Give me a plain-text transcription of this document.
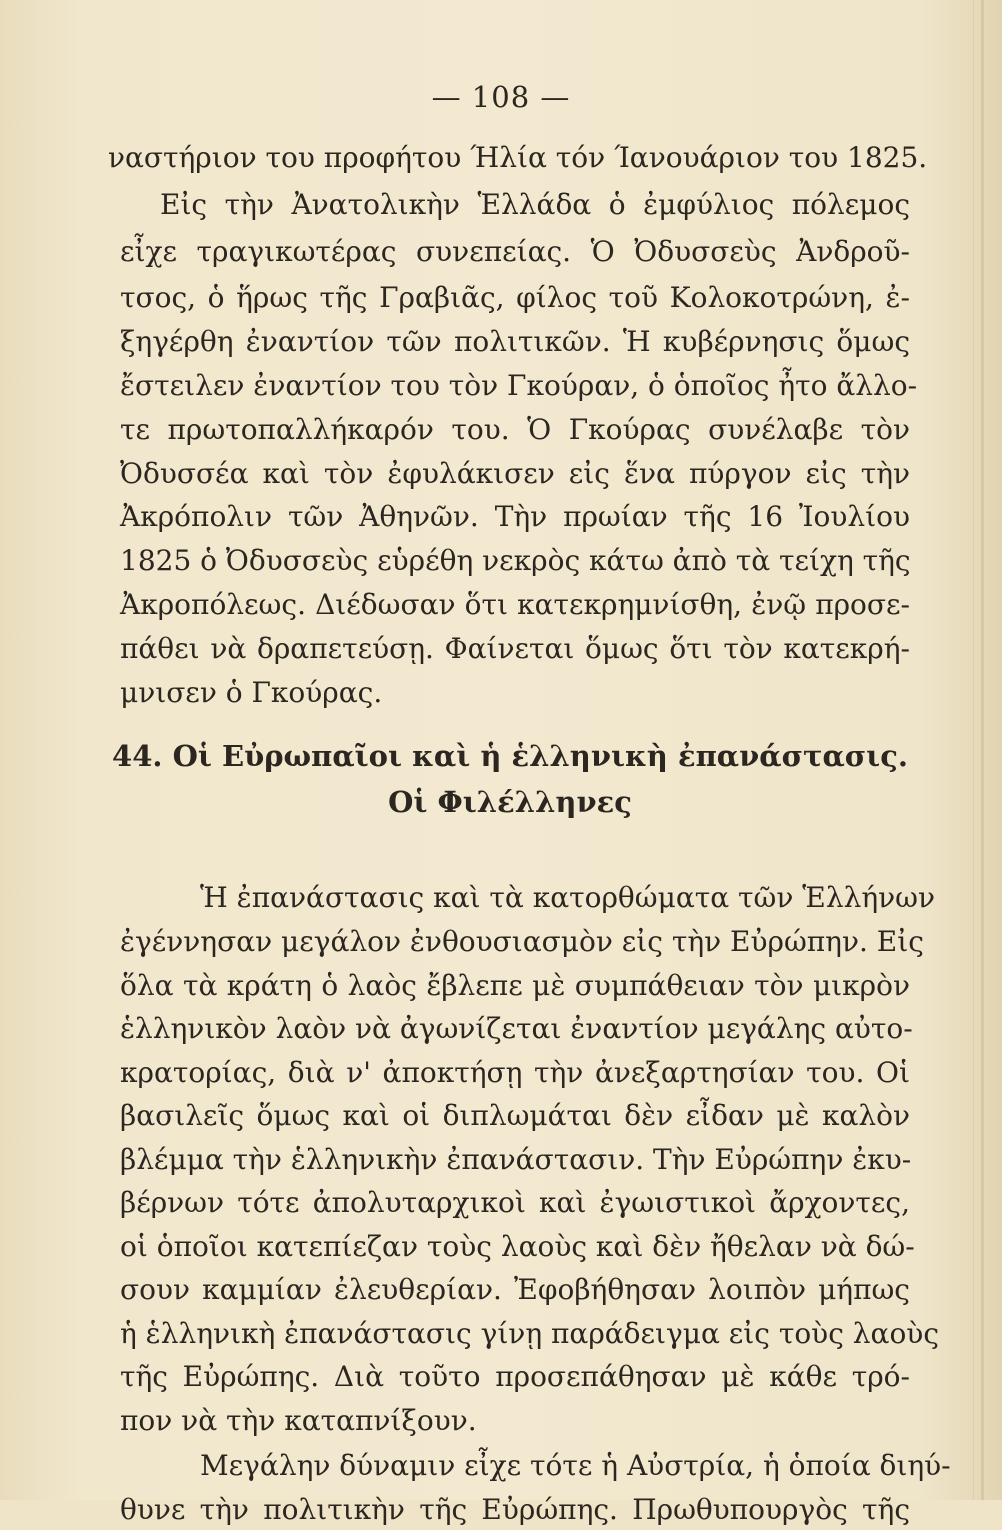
— 108 —
ναστήριον του προφήτου Ήλία τόν Ίανουάριον του 1825.
Εἰς τὴν Ἀνατολικὴν Ἑλλάδα ὁ ἐμφύλιος πόλεμος
εἶχε τραγικωτέρας συνεπείας. Ὁ Ὀδυσσεὺς Ἀνδροῦ-
τσος, ὁ ἥρως τῆς Γραβιᾶς, φίλος τοῦ Κολοκοτρώνη, ἐ-
ξηγέρθη ἐναντίον τῶν πολιτικῶν. Ἡ κυβέρνησις ὅμως
ἔστειλεν ἐναντίον του τὸν Γκούραν, ὁ ὁποῖος ἦτο ἄλλο-
τε πρωτοπαλλήκαρόν του. Ὁ Γκούρας συνέλαβε τὸν
Ὀδυσσέα καὶ τὸν ἐφυλάκισεν εἰς ἕνα πύργον εἰς τὴν
Ἀκρόπολιν τῶν Ἀθηνῶν. Τὴν πρωίαν τῆς 16 Ἰουλίου
1825 ὁ Ὀδυσσεὺς εὑρέθη νεκρὸς κάτω ἀπὸ τὰ τείχη τῆς
Ἀκροπόλεως. Διέδωσαν ὅτι κατεκρημνίσθη, ἐνῷ προσε-
πάθει νὰ δραπετεύσῃ. Φαίνεται ὅμως ὅτι τὸν κατεκρή-
μνισεν ὁ Γκούρας.
44. Οἱ Εὐρωπαῖοι καὶ ἡ ἑλληνικὴ ἐπανάστασις.
Οἱ Φιλέλληνες
Ἡ ἐπανάστασις καὶ τὰ κατορθώματα τῶν Ἑλλήνων
ἐγέννησαν μεγάλον ἐνθουσιασμὸν εἰς τὴν Εὐρώπην. Εἰς
ὅλα τὰ κράτη ὁ λαὸς ἔβλεπε μὲ συμπάθειαν τὸν μικρὸν
ἑλληνικὸν λαὸν νὰ ἀγωνίζεται ἐναντίον μεγάλης αὐτο-
κρατορίας, διὰ ν' ἀποκτήσῃ τὴν ἀνεξαρτησίαν του. Οἱ
βασιλεῖς ὅμως καὶ οἱ διπλωμάται δὲν εἶδαν μὲ καλὸν
βλέμμα τὴν ἑλληνικὴν ἐπανάστασιν. Τὴν Εὐρώπην ἐκυ-
βέρνων τότε ἀπολυταρχικοὶ καὶ ἐγωιστικοὶ ἄρχοντες,
οἱ ὁποῖοι κατεπίεζαν τοὺς λαοὺς καὶ δὲν ἤθελαν νὰ δώ-
σουν καμμίαν ἐλευθερίαν. Ἐφοβήθησαν λοιπὸν μήπως
ἡ ἑλληνικὴ ἐπανάστασις γίνῃ παράδειγμα εἰς τοὺς λαοὺς
τῆς Εὐρώπης. Διὰ τοῦτο προσεπάθησαν μὲ κάθε τρό-
πον νὰ τὴν καταπνίξουν.
Μεγάλην δύναμιν εἶχε τότε ἡ Αὐστρία, ἡ ὁποία διηύ-
θυνε τὴν πολιτικὴν τῆς Εὐρώπης. Πρωθυπουργὸς τῆς
